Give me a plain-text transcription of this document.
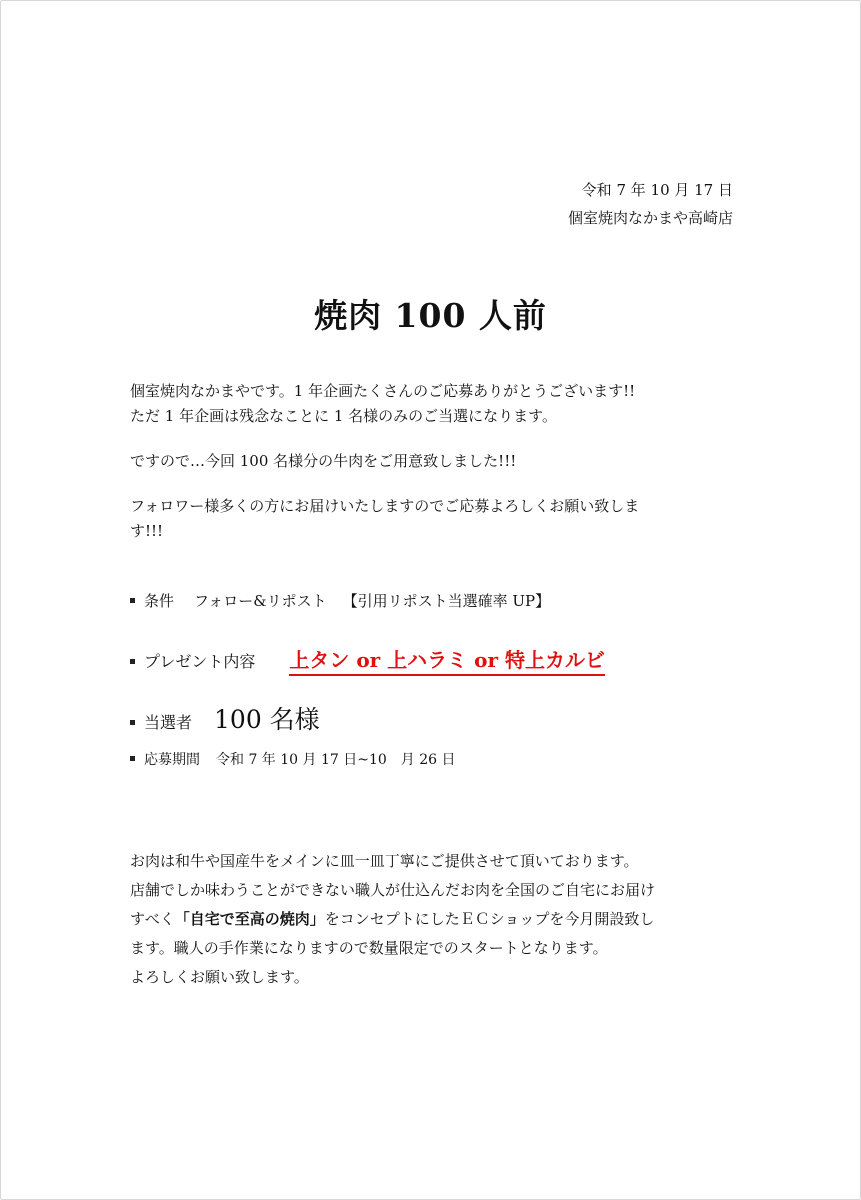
令和 7 年 10 月 17 日
個室焼肉なかまや高崎店
焼肉 100 人前
個室焼肉なかまやです。1 年企画たくさんのご応募ありがとうございます!!
ただ 1 年企画は残念なことに 1 名様のみのご当選になります。
ですので…今回 100 名様分の牛肉をご用意致しました!!!
フォロワー様多くの方にお届けいたしますのでご応募よろしくお願い致しま
す!!!
条件 フォロー&リポスト 【引用リポスト当選確率 UP】
プレゼント内容 上タン or 上ハラミ or 特上カルビ
当選者 100 名様
応募期間 令和 7 年 10 月 17 日~10　月 26 日
お肉は和牛や国産牛をメインに皿一皿丁寧にご提供させて頂いております。
店舗でしか味わうことができない職人が仕込んだお肉を全国のご自宅にお届け
すべく「自宅で至高の焼肉」をコンセプトにしたＥＣショップを今月開設致し
ます。職人の手作業になりますので数量限定でのスタートとなります。
よろしくお願い致します。
